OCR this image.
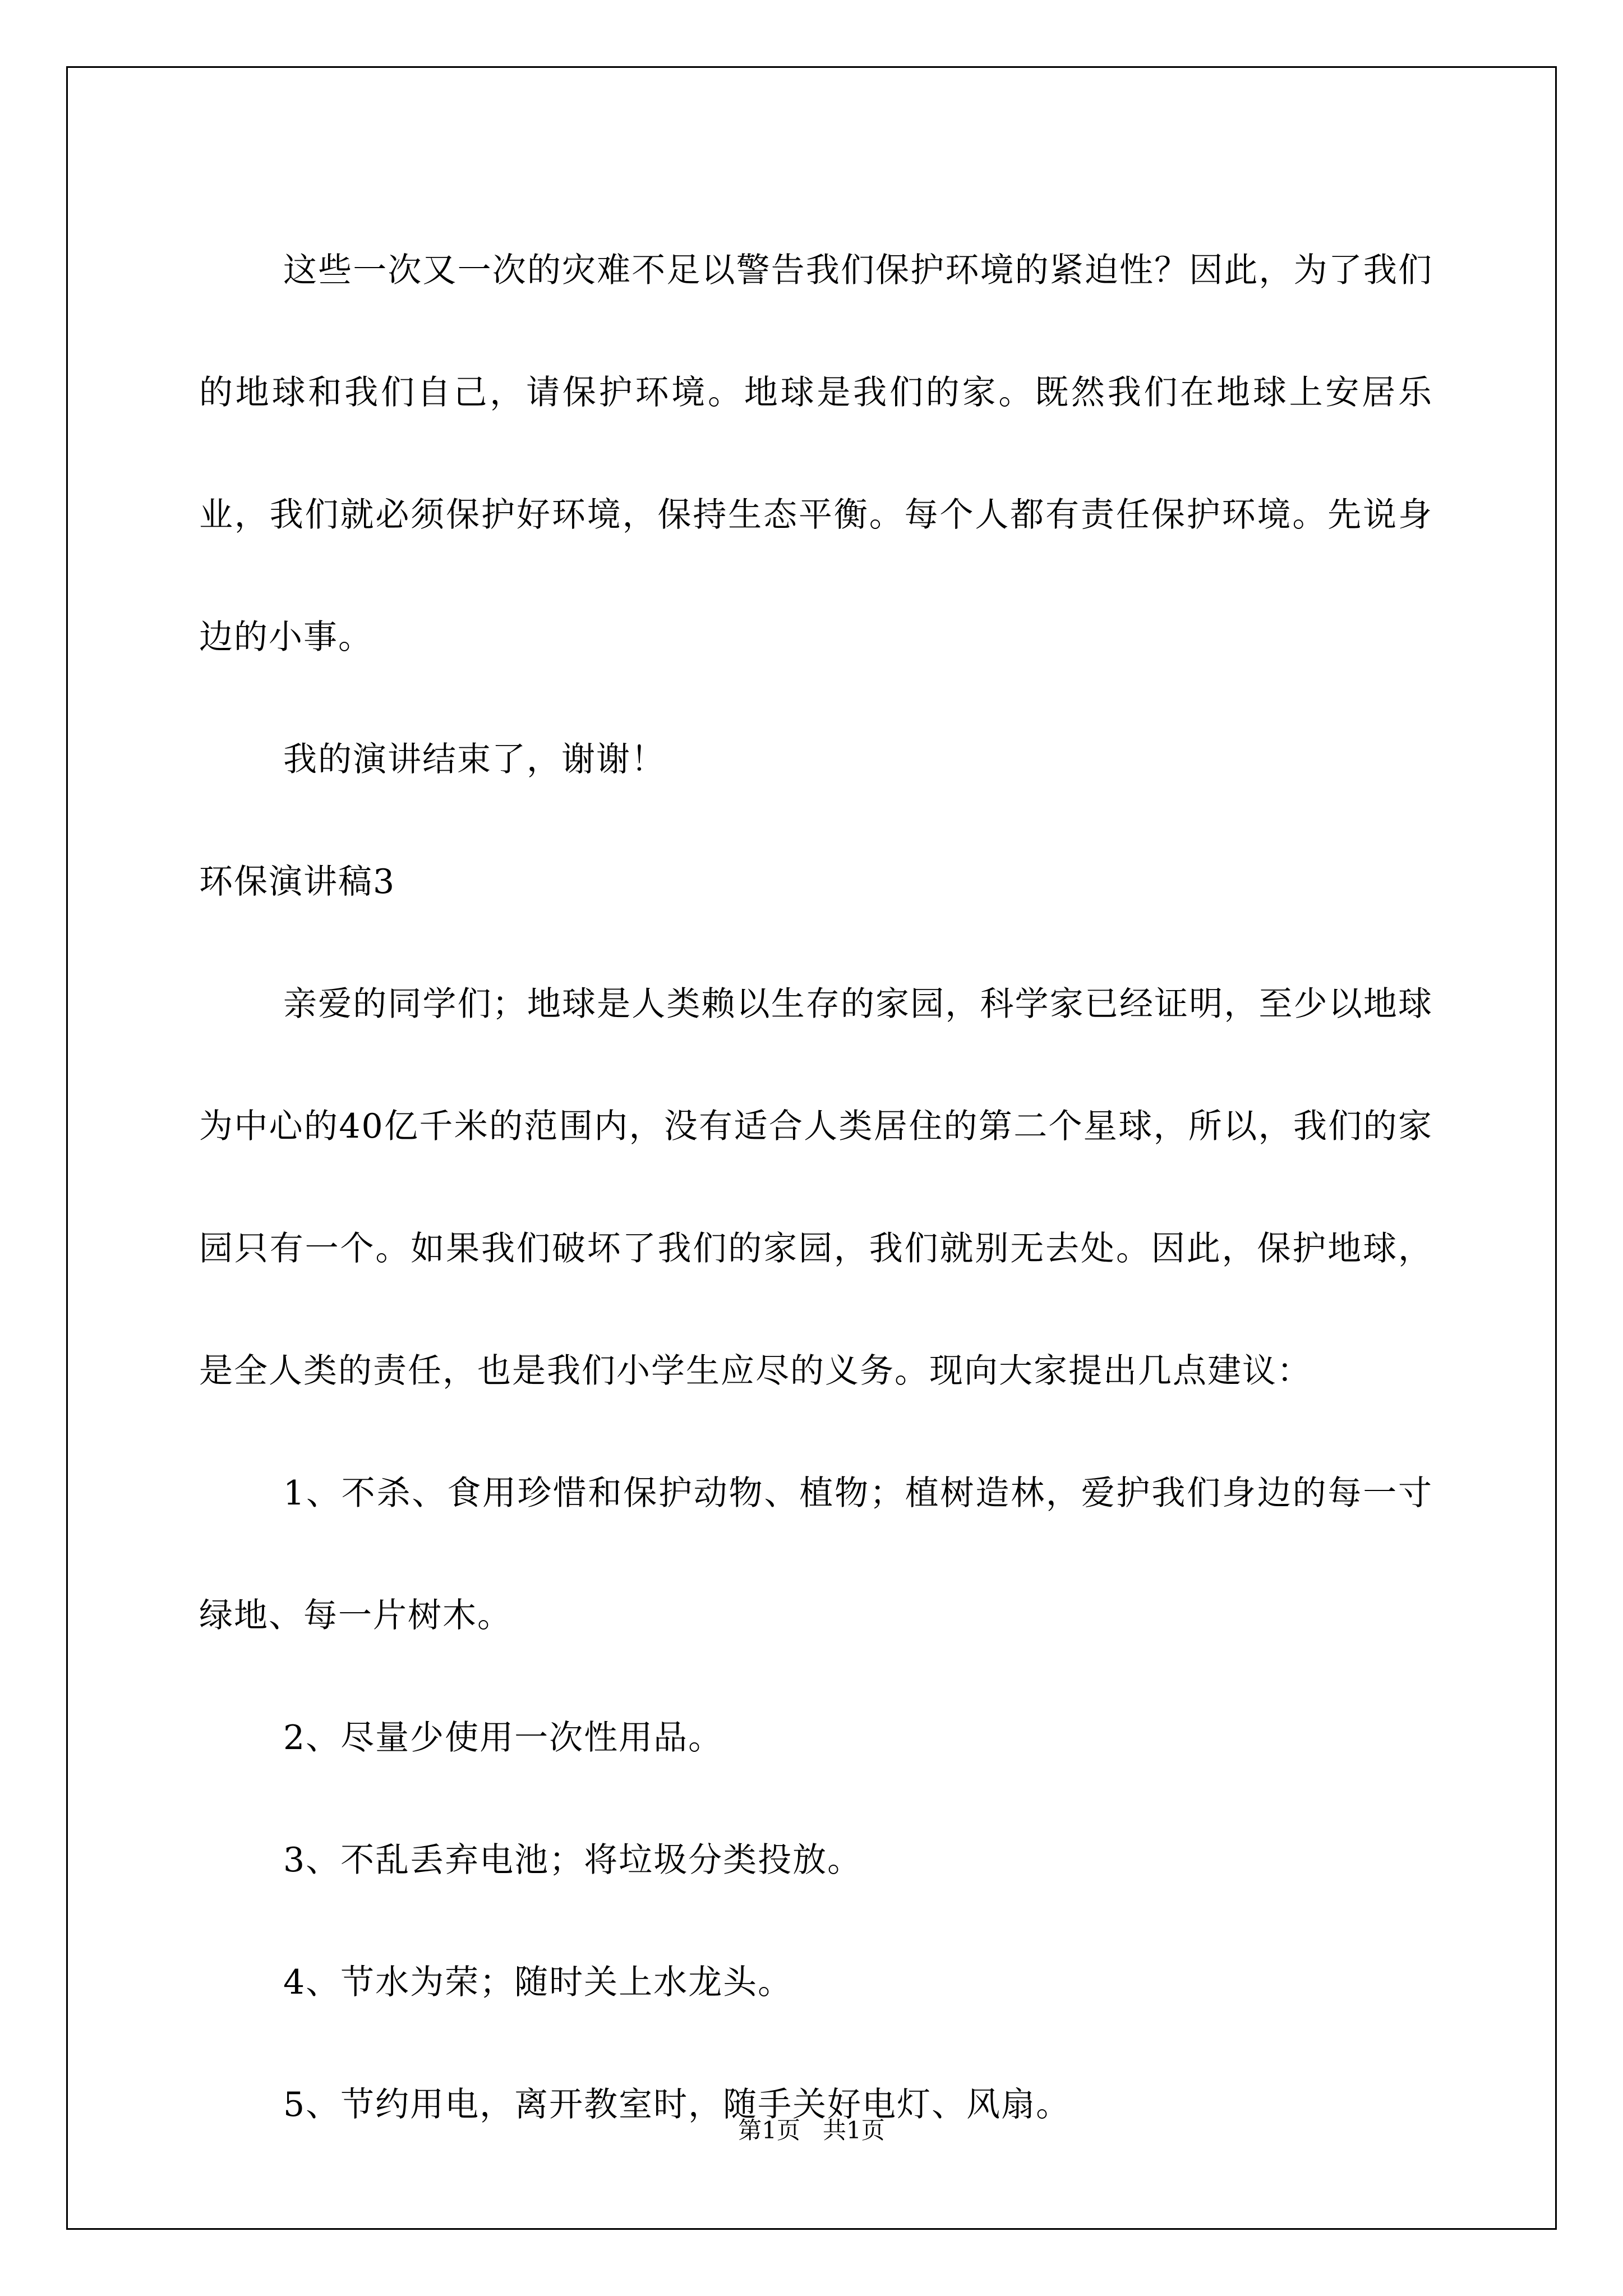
这些一次又一次的灾难不足以警告我们保护环境的紧迫性？因此，为了我们的地球和我们自己，请保护环境。地球是我们的家。既然我们在地球上安居乐业，我们就必须保护好环境，保持生态平衡。每个人都有责任保护环境。先说身边的小事。

我的演讲结束了，谢谢！

环保演讲稿3

亲爱的同学们；地球是人类赖以生存的家园，科学家已经证明，至少以地球为中心的40亿千米的范围内，没有适合人类居住的第二个星球，所以，我们的家园只有一个。如果我们破坏了我们的家园，我们就别无去处。因此，保护地球，是全人类的责任，也是我们小学生应尽的义务。现向大家提出几点建议：

1、不杀、食用珍惜和保护动物、植物；植树造林，爱护我们身边的每一寸绿地、每一片树木。

2、尽量少使用一次性用品。

3、不乱丢弃电池；将垃圾分类投放。

4、节水为荣；随时关上水龙头。

5、节约用电，离开教室时，随手关好电灯、风扇。

第1页   共1页
